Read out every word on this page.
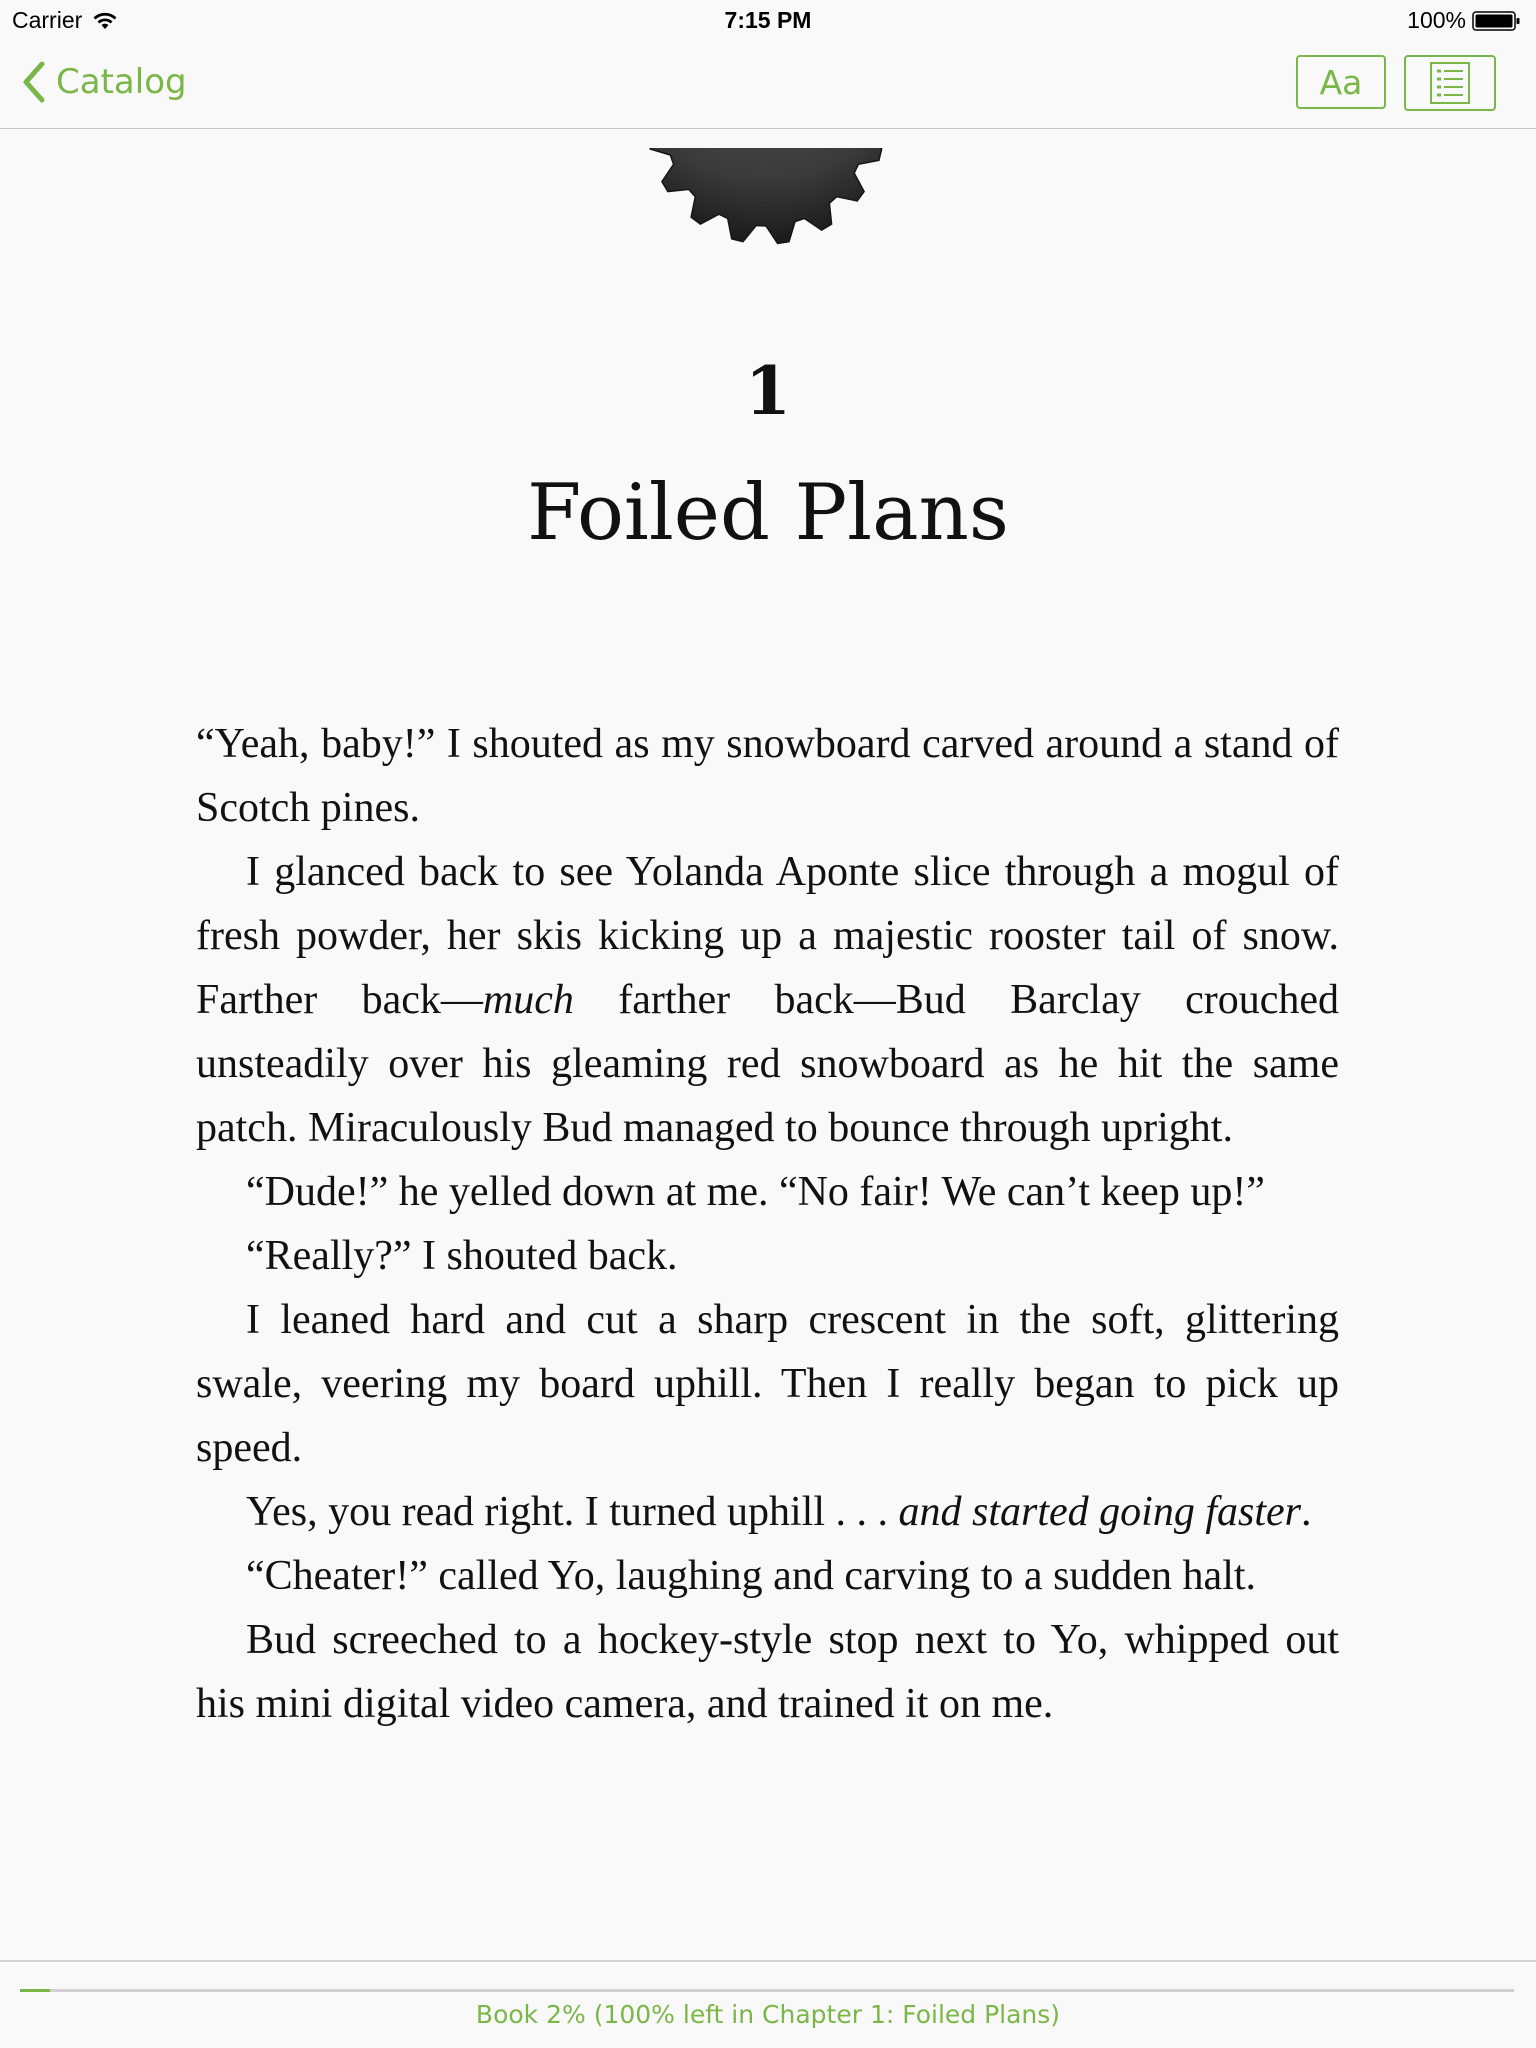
Carrier	7:15 PM	100%
Catalog	Aa
1
Foiled Plans

“Yeah, baby!” I shouted as my snowboard carved around a stand of Scotch pines.

I glanced back to see Yolanda Aponte slice through a mogul of fresh powder, her skis kicking up a majestic rooster tail of snow. Farther back—much farther back—Bud Barclay crouched unsteadily over his gleaming red snowboard as he hit the same patch. Miraculously Bud managed to bounce through upright.

“Dude!” he yelled down at me. “No fair! We can’t keep up!”

“Really?” I shouted back.

I leaned hard and cut a sharp crescent in the soft, glittering swale, veering my board uphill. Then I really began to pick up speed.

Yes, you read right. I turned uphill . . . and started going faster.

“Cheater!” called Yo, laughing and carving to a sudden halt.

Bud screeched to a hockey-style stop next to Yo, whipped out his mini digital video camera, and trained it on me.

Book 2% (100% left in Chapter 1: Foiled Plans)
